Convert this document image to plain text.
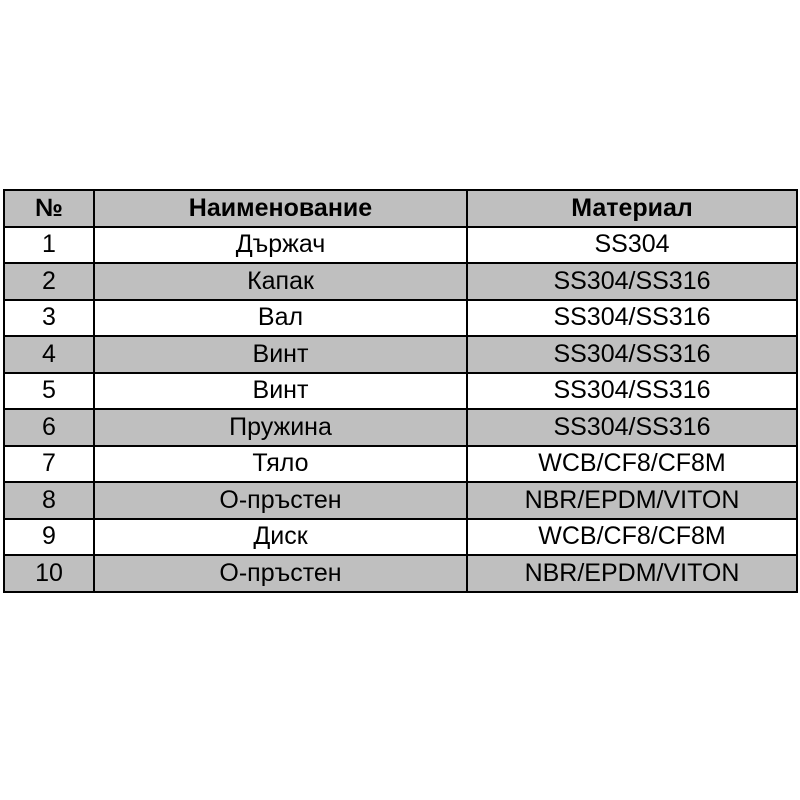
№	Наименование	Материал
1	Държач	SS304
2	Капак	SS304/SS316
3	Вал	SS304/SS316
4	Винт	SS304/SS316
5	Винт	SS304/SS316
6	Пружина	SS304/SS316
7	Тяло	WCB/CF8/CF8M
8	О-пръстен	NBR/EPDM/VITON
9	Диск	WCB/CF8/CF8M
10	О-пръстен	NBR/EPDM/VITON
